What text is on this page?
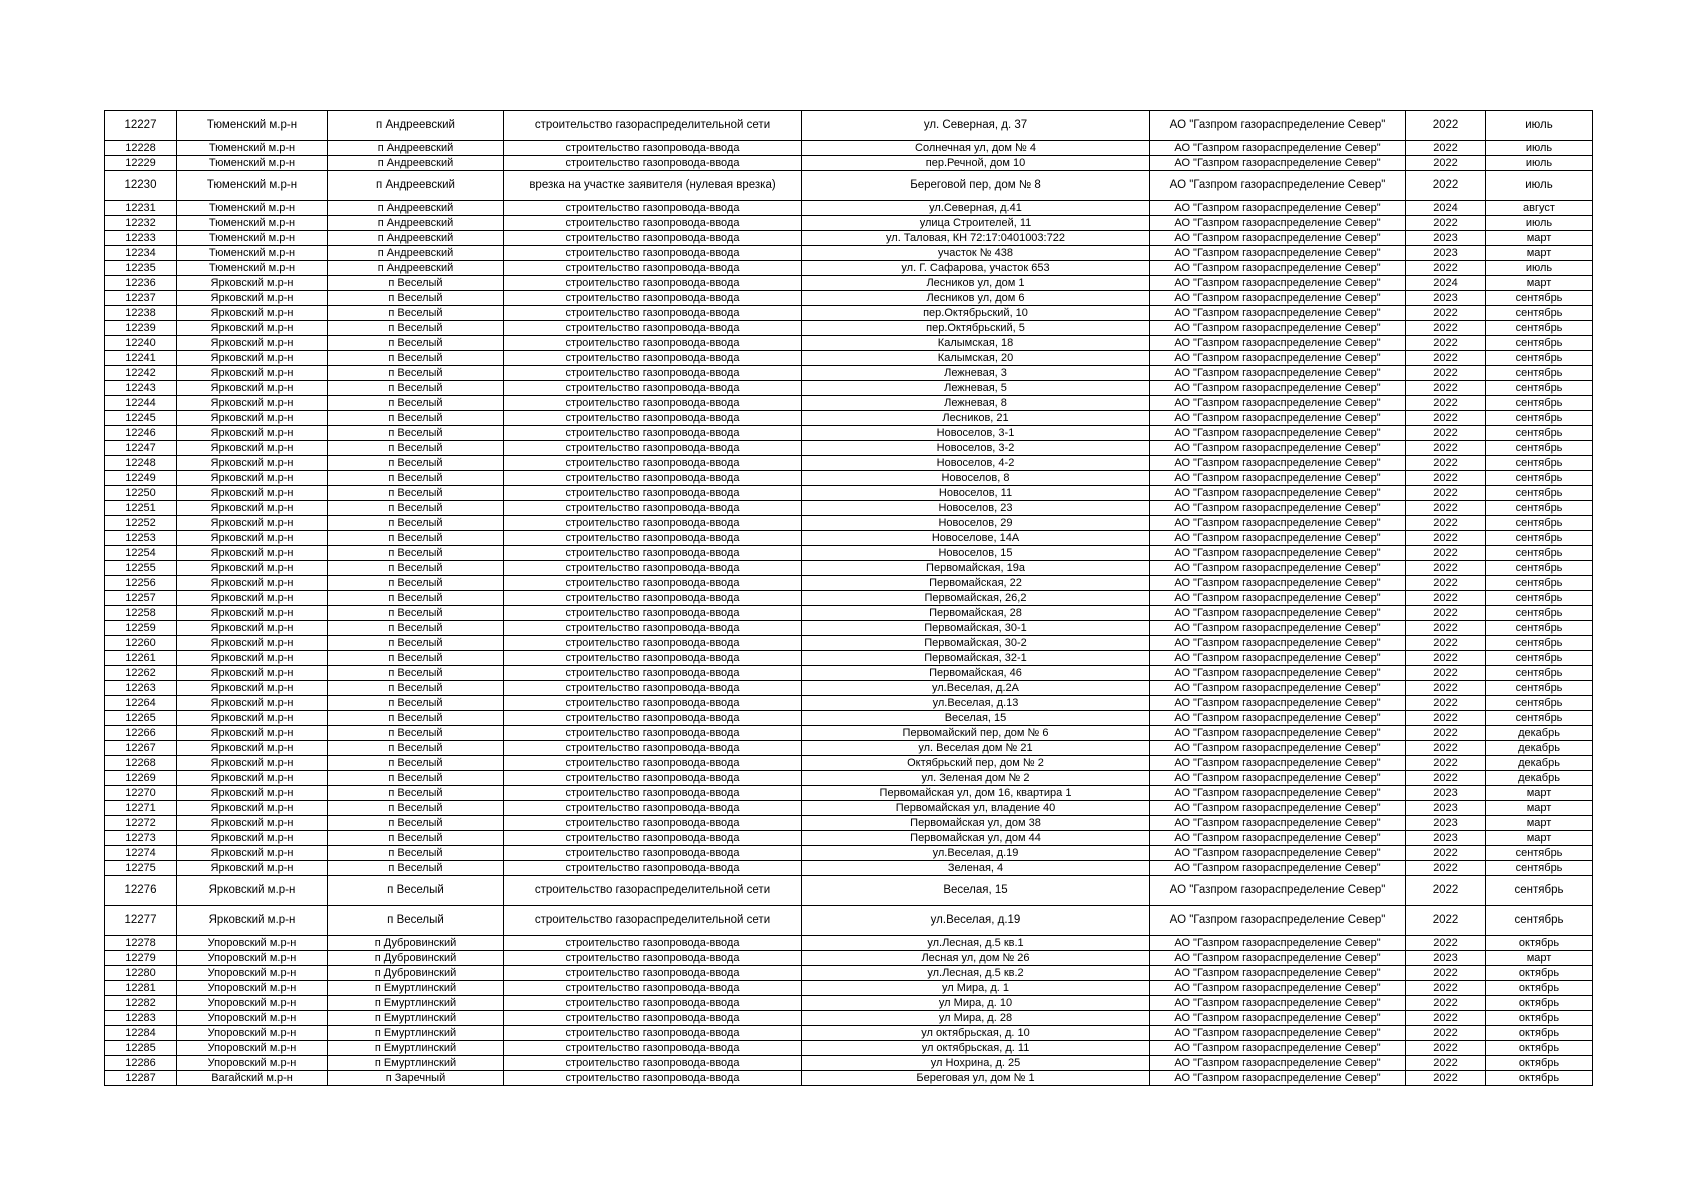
12227	Тюменский м.р-н	п Андреевский	строительство газораспределительной сети	ул. Северная, д. 37	АО "Газпром газораспределение Север"	2022	июль
12228	Тюменский м.р-н	п Андреевский	строительство газопровода-ввода	Солнечная ул, дом № 4	АО "Газпром газораспределение Север"	2022	июль
12229	Тюменский м.р-н	п Андреевский	строительство газопровода-ввода	пер.Речной, дом 10	АО "Газпром газораспределение Север"	2022	июль
12230	Тюменский м.р-н	п Андреевский	врезка на участке заявителя (нулевая врезка)	Береговой пер, дом № 8	АО "Газпром газораспределение Север"	2022	июль
12231	Тюменский м.р-н	п Андреевский	строительство газопровода-ввода	ул.Северная, д.41	АО "Газпром газораспределение Север"	2024	август
12232	Тюменский м.р-н	п Андреевский	строительство газопровода-ввода	улица Строителей, 11	АО "Газпром газораспределение Север"	2022	июль
12233	Тюменский м.р-н	п Андреевский	строительство газопровода-ввода	ул. Таловая, КН 72:17:0401003:722	АО "Газпром газораспределение Север"	2023	март
12234	Тюменский м.р-н	п Андреевский	строительство газопровода-ввода	участок № 438	АО "Газпром газораспределение Север"	2023	март
12235	Тюменский м.р-н	п Андреевский	строительство газопровода-ввода	ул. Г. Сафарова, участок 653	АО "Газпром газораспределение Север"	2022	июль
12236	Ярковский м.р-н	п Веселый	строительство газопровода-ввода	Лесников ул, дом 1	АО "Газпром газораспределение Север"	2024	март
12237	Ярковский м.р-н	п Веселый	строительство газопровода-ввода	Лесников ул, дом 6	АО "Газпром газораспределение Север"	2023	сентябрь
12238	Ярковский м.р-н	п Веселый	строительство газопровода-ввода	пер.Октябрьский, 10	АО "Газпром газораспределение Север"	2022	сентябрь
12239	Ярковский м.р-н	п Веселый	строительство газопровода-ввода	пер.Октябрьский, 5	АО "Газпром газораспределение Север"	2022	сентябрь
12240	Ярковский м.р-н	п Веселый	строительство газопровода-ввода	Калымская, 18	АО "Газпром газораспределение Север"	2022	сентябрь
12241	Ярковский м.р-н	п Веселый	строительство газопровода-ввода	Калымская, 20	АО "Газпром газораспределение Север"	2022	сентябрь
12242	Ярковский м.р-н	п Веселый	строительство газопровода-ввода	Лежневая, 3	АО "Газпром газораспределение Север"	2022	сентябрь
12243	Ярковский м.р-н	п Веселый	строительство газопровода-ввода	Лежневая, 5	АО "Газпром газораспределение Север"	2022	сентябрь
12244	Ярковский м.р-н	п Веселый	строительство газопровода-ввода	Лежневая, 8	АО "Газпром газораспределение Север"	2022	сентябрь
12245	Ярковский м.р-н	п Веселый	строительство газопровода-ввода	Лесников, 21	АО "Газпром газораспределение Север"	2022	сентябрь
12246	Ярковский м.р-н	п Веселый	строительство газопровода-ввода	Новоселов, 3-1	АО "Газпром газораспределение Север"	2022	сентябрь
12247	Ярковский м.р-н	п Веселый	строительство газопровода-ввода	Новоселов, 3-2	АО "Газпром газораспределение Север"	2022	сентябрь
12248	Ярковский м.р-н	п Веселый	строительство газопровода-ввода	Новоселов, 4-2	АО "Газпром газораспределение Север"	2022	сентябрь
12249	Ярковский м.р-н	п Веселый	строительство газопровода-ввода	Новоселов, 8	АО "Газпром газораспределение Север"	2022	сентябрь
12250	Ярковский м.р-н	п Веселый	строительство газопровода-ввода	Новоселов, 11	АО "Газпром газораспределение Север"	2022	сентябрь
12251	Ярковский м.р-н	п Веселый	строительство газопровода-ввода	Новоселов, 23	АО "Газпром газораспределение Север"	2022	сентябрь
12252	Ярковский м.р-н	п Веселый	строительство газопровода-ввода	Новоселов, 29	АО "Газпром газораспределение Север"	2022	сентябрь
12253	Ярковский м.р-н	п Веселый	строительство газопровода-ввода	Новоселове, 14А	АО "Газпром газораспределение Север"	2022	сентябрь
12254	Ярковский м.р-н	п Веселый	строительство газопровода-ввода	Новоселов, 15	АО "Газпром газораспределение Север"	2022	сентябрь
12255	Ярковский м.р-н	п Веселый	строительство газопровода-ввода	Первомайская, 19а	АО "Газпром газораспределение Север"	2022	сентябрь
12256	Ярковский м.р-н	п Веселый	строительство газопровода-ввода	Первомайская, 22	АО "Газпром газораспределение Север"	2022	сентябрь
12257	Ярковский м.р-н	п Веселый	строительство газопровода-ввода	Первомайская, 26,2	АО "Газпром газораспределение Север"	2022	сентябрь
12258	Ярковский м.р-н	п Веселый	строительство газопровода-ввода	Первомайская, 28	АО "Газпром газораспределение Север"	2022	сентябрь
12259	Ярковский м.р-н	п Веселый	строительство газопровода-ввода	Первомайская, 30-1	АО "Газпром газораспределение Север"	2022	сентябрь
12260	Ярковский м.р-н	п Веселый	строительство газопровода-ввода	Первомайская, 30-2	АО "Газпром газораспределение Север"	2022	сентябрь
12261	Ярковский м.р-н	п Веселый	строительство газопровода-ввода	Первомайская, 32-1	АО "Газпром газораспределение Север"	2022	сентябрь
12262	Ярковский м.р-н	п Веселый	строительство газопровода-ввода	Первомайская, 46	АО "Газпром газораспределение Север"	2022	сентябрь
12263	Ярковский м.р-н	п Веселый	строительство газопровода-ввода	ул.Веселая, д.2А	АО "Газпром газораспределение Север"	2022	сентябрь
12264	Ярковский м.р-н	п Веселый	строительство газопровода-ввода	ул.Веселая, д.13	АО "Газпром газораспределение Север"	2022	сентябрь
12265	Ярковский м.р-н	п Веселый	строительство газопровода-ввода	Веселая, 15	АО "Газпром газораспределение Север"	2022	сентябрь
12266	Ярковский м.р-н	п Веселый	строительство газопровода-ввода	Первомайский пер, дом № 6	АО "Газпром газораспределение Север"	2022	декабрь
12267	Ярковский м.р-н	п Веселый	строительство газопровода-ввода	ул. Веселая дом № 21	АО "Газпром газораспределение Север"	2022	декабрь
12268	Ярковский м.р-н	п Веселый	строительство газопровода-ввода	Октябрьский пер, дом № 2	АО "Газпром газораспределение Север"	2022	декабрь
12269	Ярковский м.р-н	п Веселый	строительство газопровода-ввода	ул. Зеленая дом № 2	АО "Газпром газораспределение Север"	2022	декабрь
12270	Ярковский м.р-н	п Веселый	строительство газопровода-ввода	Первомайская ул, дом 16, квартира 1	АО "Газпром газораспределение Север"	2023	март
12271	Ярковский м.р-н	п Веселый	строительство газопровода-ввода	Первомайская ул, владение 40	АО "Газпром газораспределение Север"	2023	март
12272	Ярковский м.р-н	п Веселый	строительство газопровода-ввода	Первомайская ул, дом 38	АО "Газпром газораспределение Север"	2023	март
12273	Ярковский м.р-н	п Веселый	строительство газопровода-ввода	Первомайская ул, дом 44	АО "Газпром газораспределение Север"	2023	март
12274	Ярковский м.р-н	п Веселый	строительство газопровода-ввода	ул.Веселая, д.19	АО "Газпром газораспределение Север"	2022	сентябрь
12275	Ярковский м.р-н	п Веселый	строительство газопровода-ввода	Зеленая, 4	АО "Газпром газораспределение Север"	2022	сентябрь
12276	Ярковский м.р-н	п Веселый	строительство газораспределительной сети	Веселая, 15	АО "Газпром газораспределение Север"	2022	сентябрь
12277	Ярковский м.р-н	п Веселый	строительство газораспределительной сети	ул.Веселая, д.19	АО "Газпром газораспределение Север"	2022	сентябрь
12278	Упоровский м.р-н	п Дубровинский	строительство газопровода-ввода	ул.Лесная, д.5 кв.1	АО "Газпром газораспределение Север"	2022	октябрь
12279	Упоровский м.р-н	п Дубровинский	строительство газопровода-ввода	Лесная ул, дом № 26	АО "Газпром газораспределение Север"	2023	март
12280	Упоровский м.р-н	п Дубровинский	строительство газопровода-ввода	ул.Лесная, д.5 кв.2	АО "Газпром газораспределение Север"	2022	октябрь
12281	Упоровский м.р-н	п Емуртлинский	строительство газопровода-ввода	ул Мира, д. 1	АО "Газпром газораспределение Север"	2022	октябрь
12282	Упоровский м.р-н	п Емуртлинский	строительство газопровода-ввода	ул Мира, д. 10	АО "Газпром газораспределение Север"	2022	октябрь
12283	Упоровский м.р-н	п Емуртлинский	строительство газопровода-ввода	ул Мира, д. 28	АО "Газпром газораспределение Север"	2022	октябрь
12284	Упоровский м.р-н	п Емуртлинский	строительство газопровода-ввода	ул октябрьская, д. 10	АО "Газпром газораспределение Север"	2022	октябрь
12285	Упоровский м.р-н	п Емуртлинский	строительство газопровода-ввода	ул октябрьская, д. 11	АО "Газпром газораспределение Север"	2022	октябрь
12286	Упоровский м.р-н	п Емуртлинский	строительство газопровода-ввода	ул Нохрина, д. 25	АО "Газпром газораспределение Север"	2022	октябрь
12287	Вагайский м.р-н	п Заречный	строительство газопровода-ввода	Береговая ул, дом № 1	АО "Газпром газораспределение Север"	2022	октябрь
